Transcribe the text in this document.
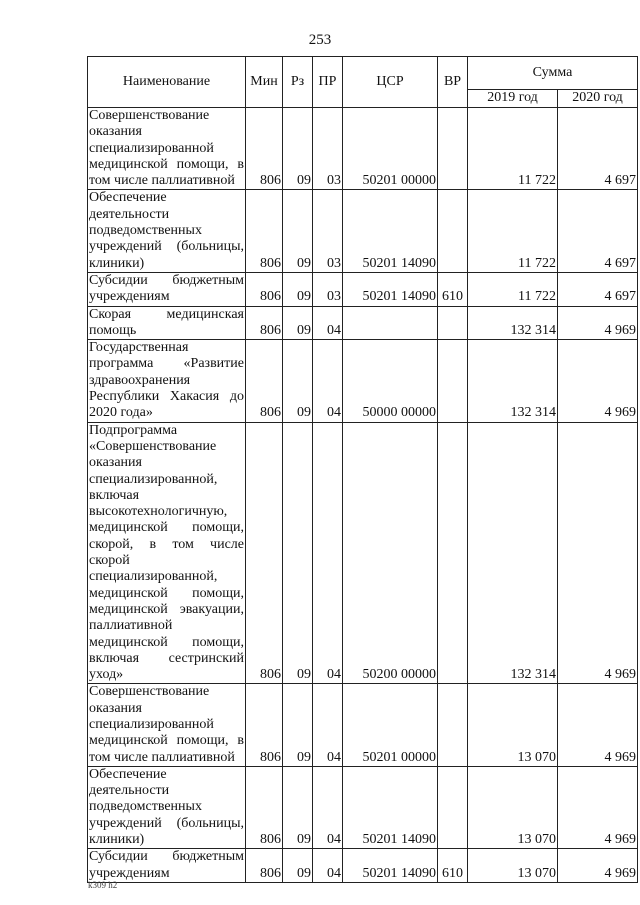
253
Наименование	Мин	Рз	ПР	ЦСР	ВР	Сумма	
						2019 год	2020 год
Совершенствование оказания специализированной медицинской помощи, в том числе паллиативной	806	09	03	50201 00000		11 722	4 697
Обеспечение деятельности подведомственных учреждений (больницы, клиники)	806	09	03	50201 14090		11 722	4 697
Субсидии бюджетным учреждениям	806	09	03	50201 14090	610	11 722	4 697
Скорая медицинская помощь	806	09	04			132 314	4 969
Государственная программа «Развитие здравоохранения Республики Хакасия до 2020 года»	806	09	04	50000 00000		132 314	4 969
Подпрограмма «Совершенствование оказания специализированной, включая высокотехнологичную, медицинской помощи, скорой, в том числе скорой специализированной, медицинской помощи, медицинской эвакуации, паллиативной медицинской помощи, включая сестринский уход»	806	09	04	50200 00000		132 314	4 969
Совершенствование оказания специализированной медицинской помощи, в том числе паллиативной	806	09	04	50201 00000		13 070	4 969
Обеспечение деятельности подведомственных учреждений (больницы, клиники)	806	09	04	50201 14090		13 070	4 969
Субсидии бюджетным учреждениям	806	09	04	50201 14090	610	13 070	4 969
k309 h2
